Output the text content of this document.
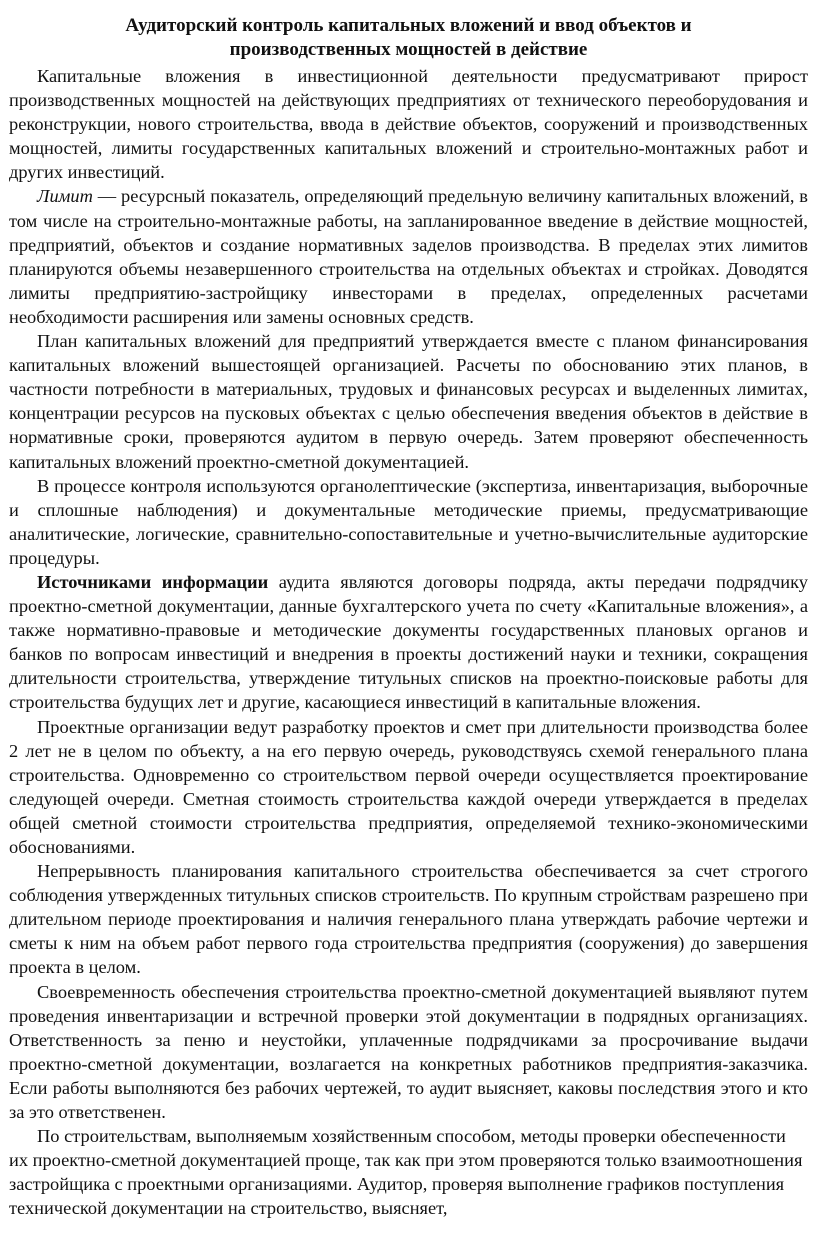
Аудиторский контроль капитальных вложений и ввод объектов и
производственных мощностей в действие

Капитальные вложения в инвестиционной деятельности предусматривают прирост производственных мощностей на действующих предприятиях от технического переоборудования и реконструкции, нового строительства, ввода в действие объектов, сооружений и производственных мощностей, лимиты государственных капитальных вложений и строительно-монтажных работ и других инвестиций.

Лимит — ресурсный показатель, определяющий предельную величину капитальных вложений, в том числе на строительно-монтажные работы, на запланированное введение в действие мощностей, предприятий, объектов и создание нормативных заделов производства. В пределах этих лимитов планируются объемы незавершенного строительства на отдельных объектах и стройках. Доводятся лимиты предприятию-застройщику инвесторами в пределах, определенных расчетами необходимости расширения или замены основных средств.

План капитальных вложений для предприятий утверждается вместе с планом финансирования капитальных вложений вышестоящей организацией. Расчеты по обоснованию этих планов, в частности потребности в материальных, трудовых и финансовых ресурсах и выделенных лимитах, концентрации ресурсов на пусковых объектах с целью обеспечения введения объектов в действие в нормативные сроки, проверяются аудитом в первую очередь. Затем проверяют обеспеченность капитальных вложений проектно-сметной документацией.

В процессе контроля используются органолептические (экспертиза, инвентаризация, выборочные и сплошные наблюдения) и документальные методические приемы, предусматривающие аналитические, логические, сравнительно-сопоставительные и учетно-вычислительные аудиторские процедуры.

Источниками информации аудита являются договоры подряда, акты передачи подрядчику проектно-сметной документации, данные бухгалтерского учета по счету «Капитальные вложения», а также нормативно-правовые и методические документы государственных плановых органов и банков по вопросам инвестиций и внедрения в проекты достижений науки и техники, сокращения длительности строительства, утверждение титульных списков на проектно-поисковые работы для строительства будущих лет и другие, касающиеся инвестиций в капитальные вложения.

Проектные организации ведут разработку проектов и смет при длительности производства более 2 лет не в целом по объекту, а на его первую очередь, руководствуясь схемой генерального плана строительства. Одновременно со строительством первой очереди осуществляется проектирование следующей очереди. Сметная стоимость строительства каждой очереди утверждается в пределах общей сметной стоимости строительства предприятия, определяемой технико-экономическими обоснованиями.

Непрерывность планирования капитального строительства обеспечивается за счет строгого соблюдения утвержденных титульных списков строительств. По крупным стройствам разрешено при длительном периоде проектирования и наличия генерального плана утверждать рабочие чертежи и сметы к ним на объем работ первого года строительства предприятия (сооружения) до завершения проекта в целом.

Своевременность обеспечения строительства проектно-сметной документацией выявляют путем проведения инвентаризации и встречной проверки этой документации в подрядных организациях. Ответственность за пеню и неустойки, уплаченные подрядчиками за просрочивание выдачи проектно-сметной документации, возлагается на конкретных работников предприятия-заказчика. Если работы выполняются без рабочих чертежей, то аудит выясняет, каковы последствия этого и кто за это ответственен.

По строительствам, выполняемым хозяйственным способом, методы проверки обеспеченности их проектно-сметной документацией проще, так как при этом проверяются только взаимоотношения застройщика с проектными организациями. Аудитор, проверяя выполнение графиков поступления технической документации на строительство, выясняет,
